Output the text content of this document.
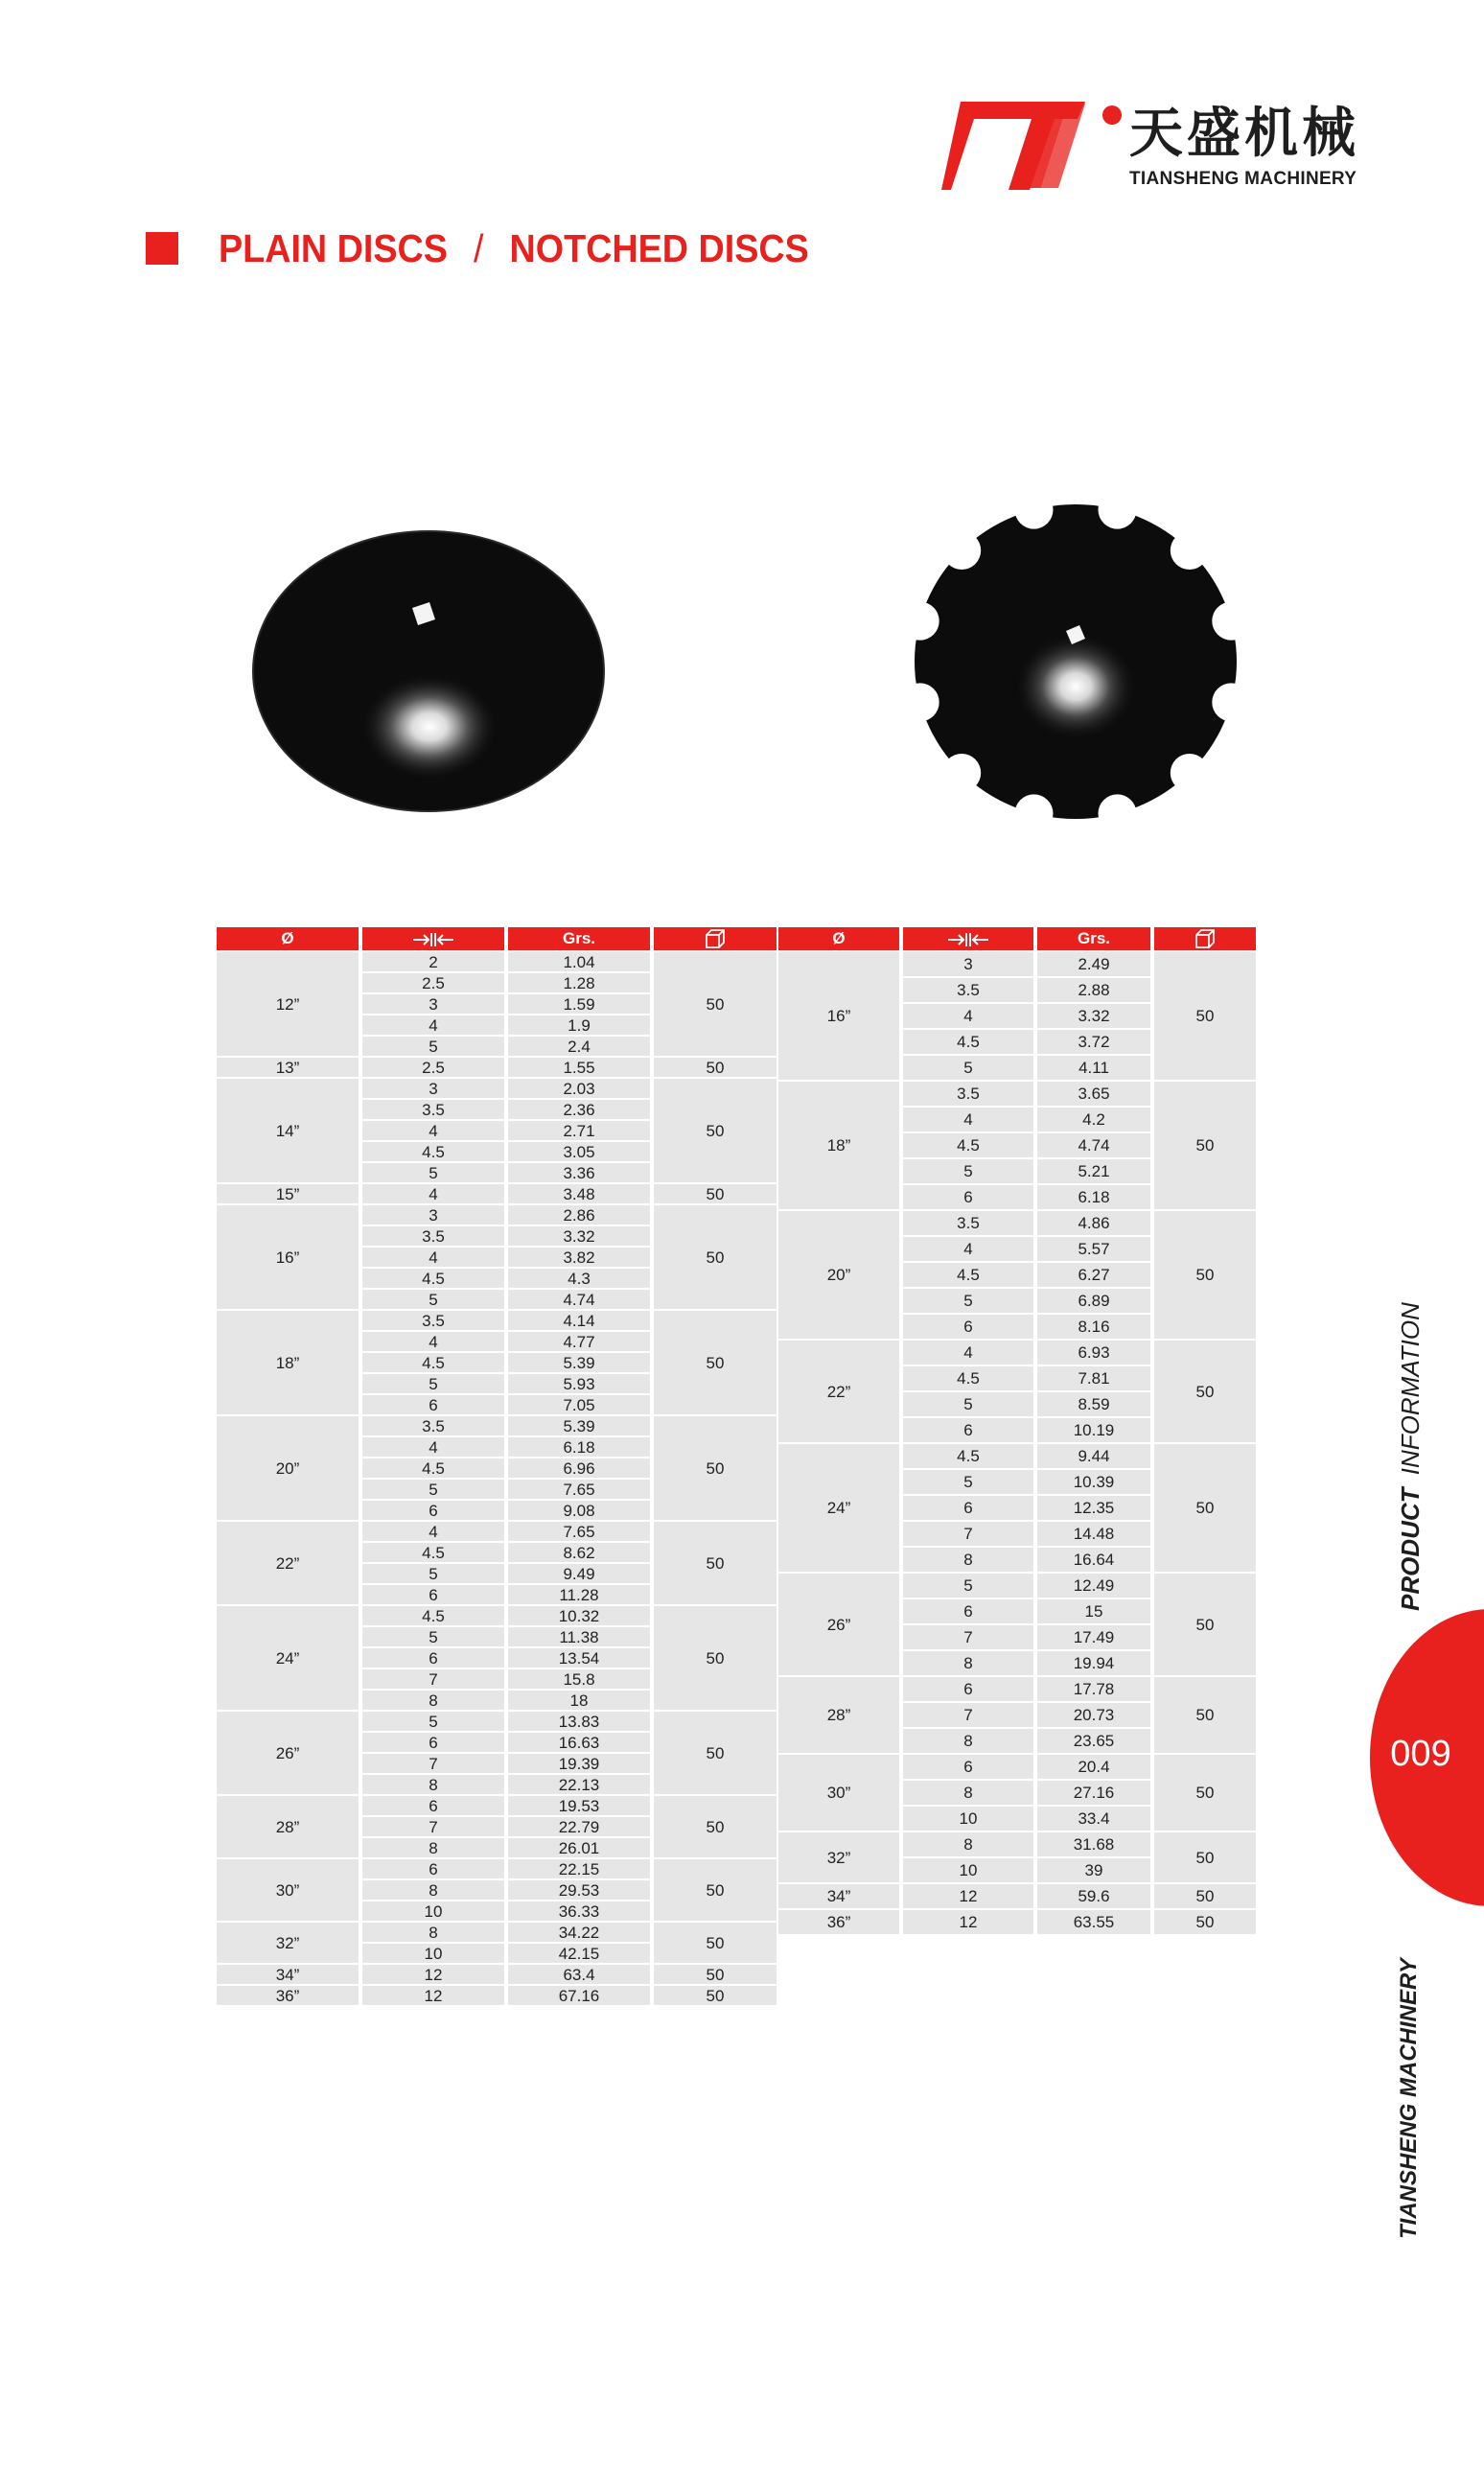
天盛机械
TIANSHENG MACHINERY
PLAIN DISCS / NOTCHED DISCS
Ø		Grs.	
12”	2	1.04	50
	2.5	1.28	
	3	1.59	
	4	1.9	
	5	2.4	
13”	2.5	1.55	50
14”	3	2.03	50
	3.5	2.36	
	4	2.71	
	4.5	3.05	
	5	3.36	
15”	4	3.48	50
16”	3	2.86	50
	3.5	3.32	
	4	3.82	
	4.5	4.3	
	5	4.74	
18”	3.5	4.14	50
	4	4.77	
	4.5	5.39	
	5	5.93	
	6	7.05	
20”	3.5	5.39	50
	4	6.18	
	4.5	6.96	
	5	7.65	
	6	9.08	
22”	4	7.65	50
	4.5	8.62	
	5	9.49	
	6	11.28	
24”	4.5	10.32	50
	5	11.38	
	6	13.54	
	7	15.8	
	8	18	
26”	5	13.83	50
	6	16.63	
	7	19.39	
	8	22.13	
28”	6	19.53	50
	7	22.79	
	8	26.01	
30”	6	22.15	50
	8	29.53	
	10	36.33	
32”	8	34.22	50
	10	42.15	
34”	12	63.4	50
36”	12	67.16	50
Ø		Grs.	
16”	3	2.49	50
	3.5	2.88	
	4	3.32	
	4.5	3.72	
	5	4.11	
18”	3.5	3.65	50
	4	4.2	
	4.5	4.74	
	5	5.21	
	6	6.18	
20”	3.5	4.86	50
	4	5.57	
	4.5	6.27	
	5	6.89	
	6	8.16	
22”	4	6.93	50
	4.5	7.81	
	5	8.59	
	6	10.19	
24”	4.5	9.44	50
	5	10.39	
	6	12.35	
	7	14.48	
	8	16.64	
26”	5	12.49	50
	6	15	
	7	17.49	
	8	19.94	
28”	6	17.78	50
	7	20.73	
	8	23.65	
30”	6	20.4	50
	8	27.16	
	10	33.4	
32”	8	31.68	50
	10	39	
34”	12	59.6	50
36”	12	63.55	50
PRODUCT INFORMATION
009
TIANSHENG MACHINERY
